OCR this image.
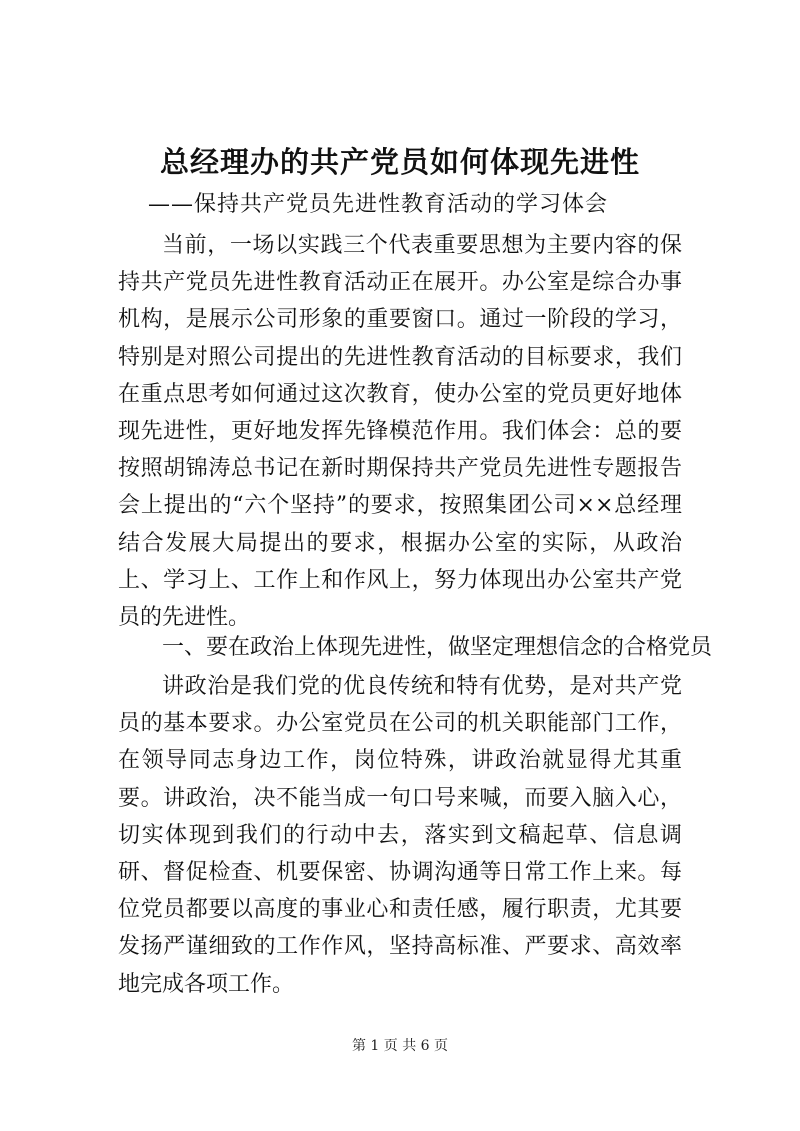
总经理办的共产党员如何体现先进性
——保持共产党员先进性教育活动的学习体会

当前，一场以实践三个代表重要思想为主要内容的保持共产党员先进性教育活动正在展开。办公室是综合办事机构，是展示公司形象的重要窗口。通过一阶段的学习，特别是对照公司提出的先进性教育活动的目标要求，我们在重点思考如何通过这次教育，使办公室的党员更好地体现先进性，更好地发挥先锋模范作用。我们体会：总的要按照胡锦涛总书记在新时期保持共产党员先进性专题报告会上提出的“六个坚持”的要求，按照集团公司××总经理结合发展大局提出的要求，根据办公室的实际，从政治上、学习上、工作上和作风上，努力体现出办公室共产党员的先进性。

一、要在政治上体现先进性，做坚定理想信念的合格党员

讲政治是我们党的优良传统和特有优势，是对共产党员的基本要求。办公室党员在公司的机关职能部门工作，在领导同志身边工作，岗位特殊，讲政治就显得尤其重要。讲政治，决不能当成一句口号来喊，而要入脑入心，切实体现到我们的行动中去，落实到文稿起草、信息调研、督促检查、机要保密、协调沟通等日常工作上来。每位党员都要以高度的事业心和责任感，履行职责，尤其要发扬严谨细致的工作作风，坚持高标准、严要求、高效率地完成各项工作。

第 1 页 共 6 页
